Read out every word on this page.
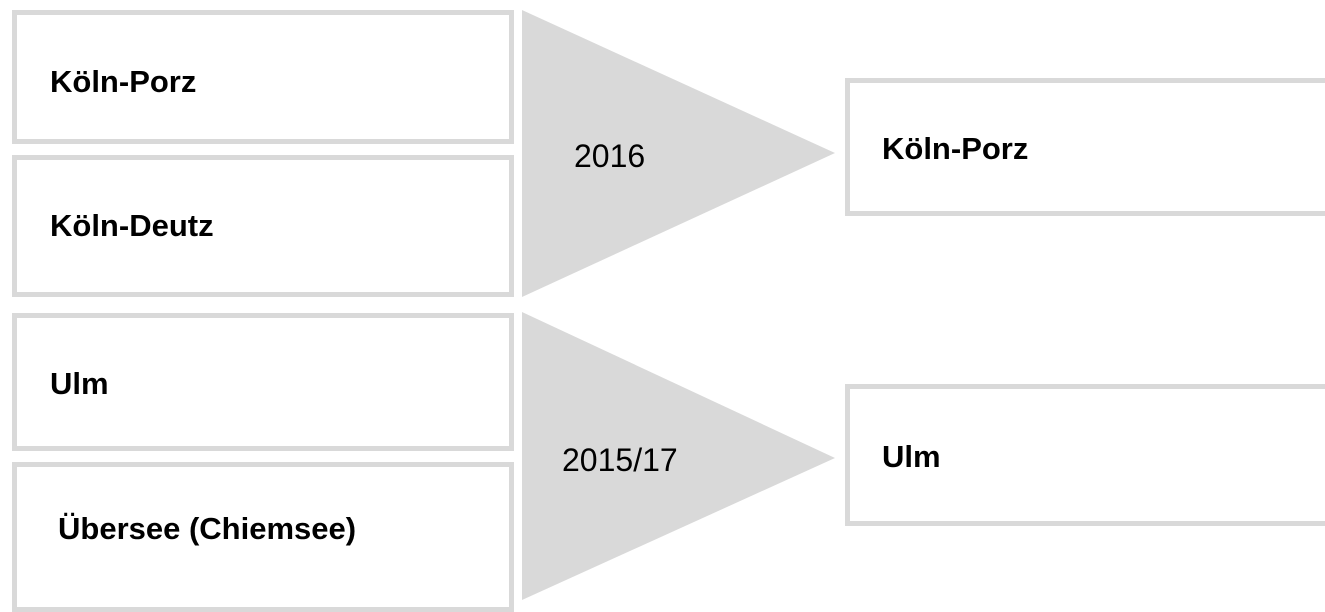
Köln-Porz
Köln-Deutz
2016	Köln-Porz
Ulm
Übersee (Chiemsee)
2015/17	Ulm
